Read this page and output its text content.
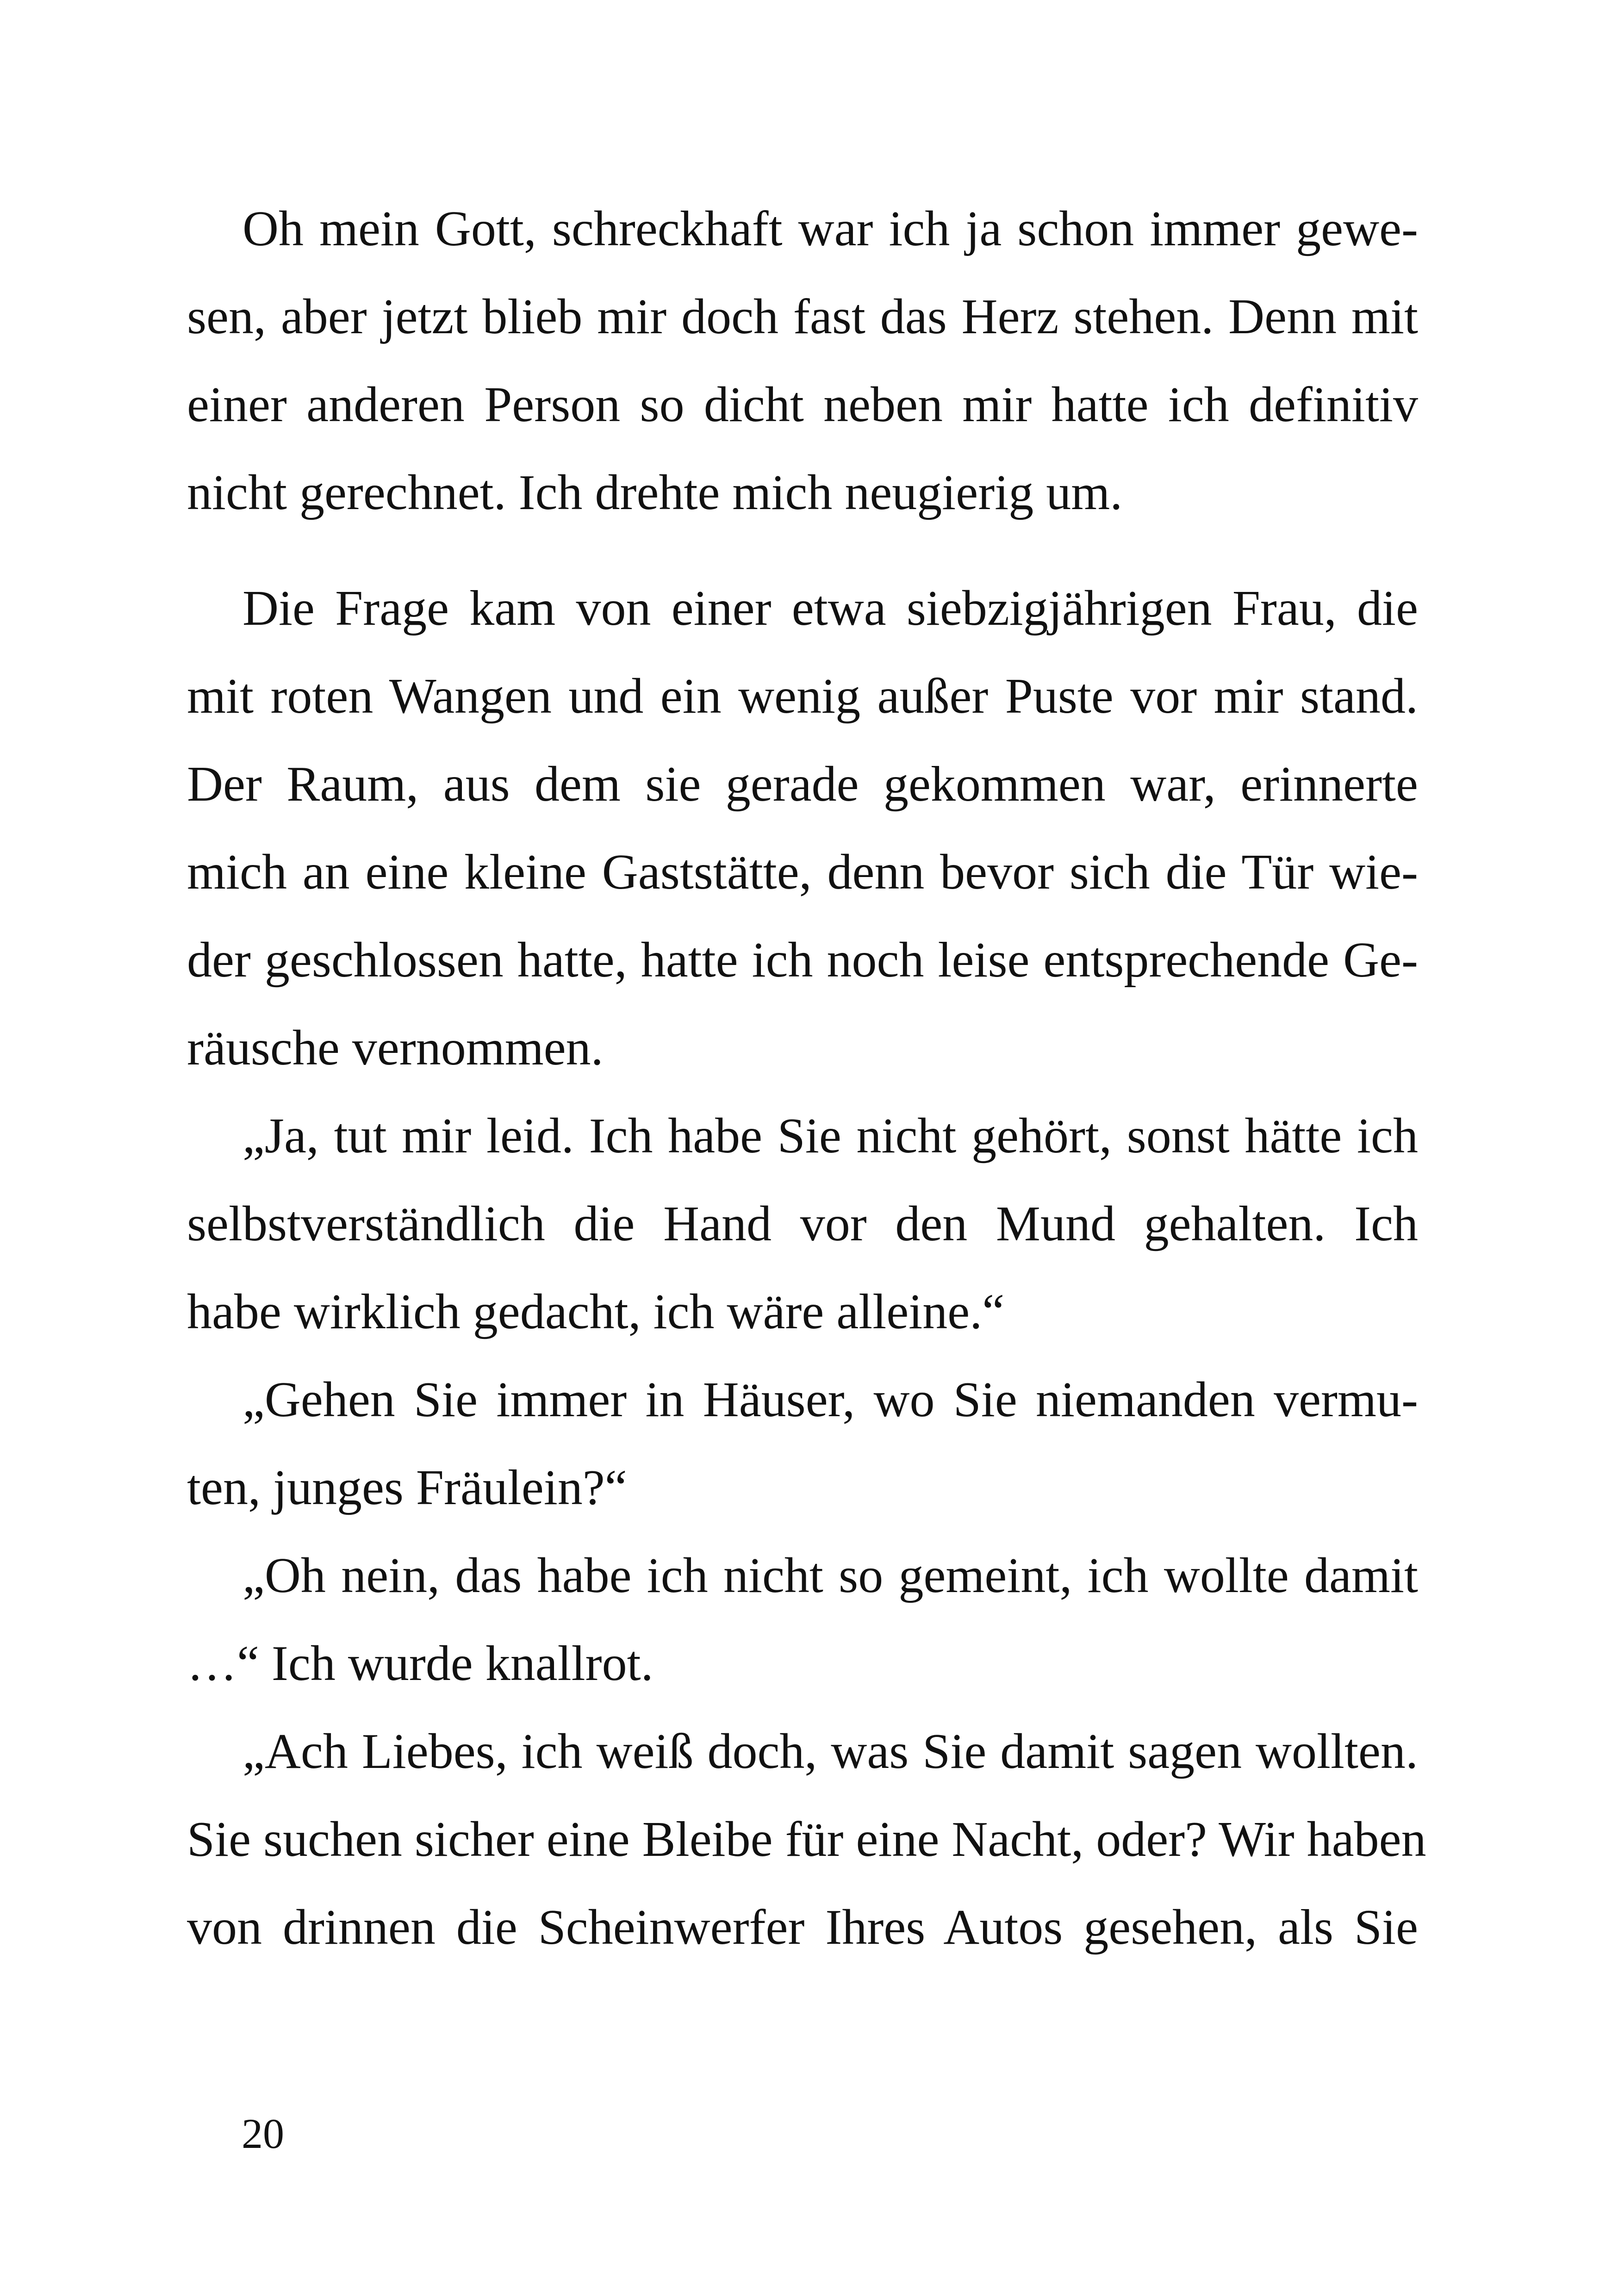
Oh mein Gott, schreckhaft war ich ja schon immer gewe-
sen, aber jetzt blieb mir doch fast das Herz stehen. Denn mit
einer anderen Person so dicht neben mir hatte ich definitiv
nicht gerechnet. Ich drehte mich neugierig um.
Die Frage kam von einer etwa siebzigjährigen Frau, die
mit roten Wangen und ein wenig außer Puste vor mir stand.
Der Raum, aus dem sie gerade gekommen war, erinnerte
mich an eine kleine Gaststätte, denn bevor sich die Tür wie-
der geschlossen hatte, hatte ich noch leise entsprechende Ge-
räusche vernommen.
„Ja, tut mir leid. Ich habe Sie nicht gehört, sonst hätte ich
selbstverständlich die Hand vor den Mund gehalten. Ich
habe wirklich gedacht, ich wäre alleine.“
„Gehen Sie immer in Häuser, wo Sie niemanden vermu-
ten, junges Fräulein?“
„Oh nein, das habe ich nicht so gemeint, ich wollte damit
…“ Ich wurde knallrot.
„Ach Liebes, ich weiß doch, was Sie damit sagen wollten.
Sie suchen sicher eine Bleibe für eine Nacht, oder? Wir haben
von drinnen die Scheinwerfer Ihres Autos gesehen, als Sie
20
